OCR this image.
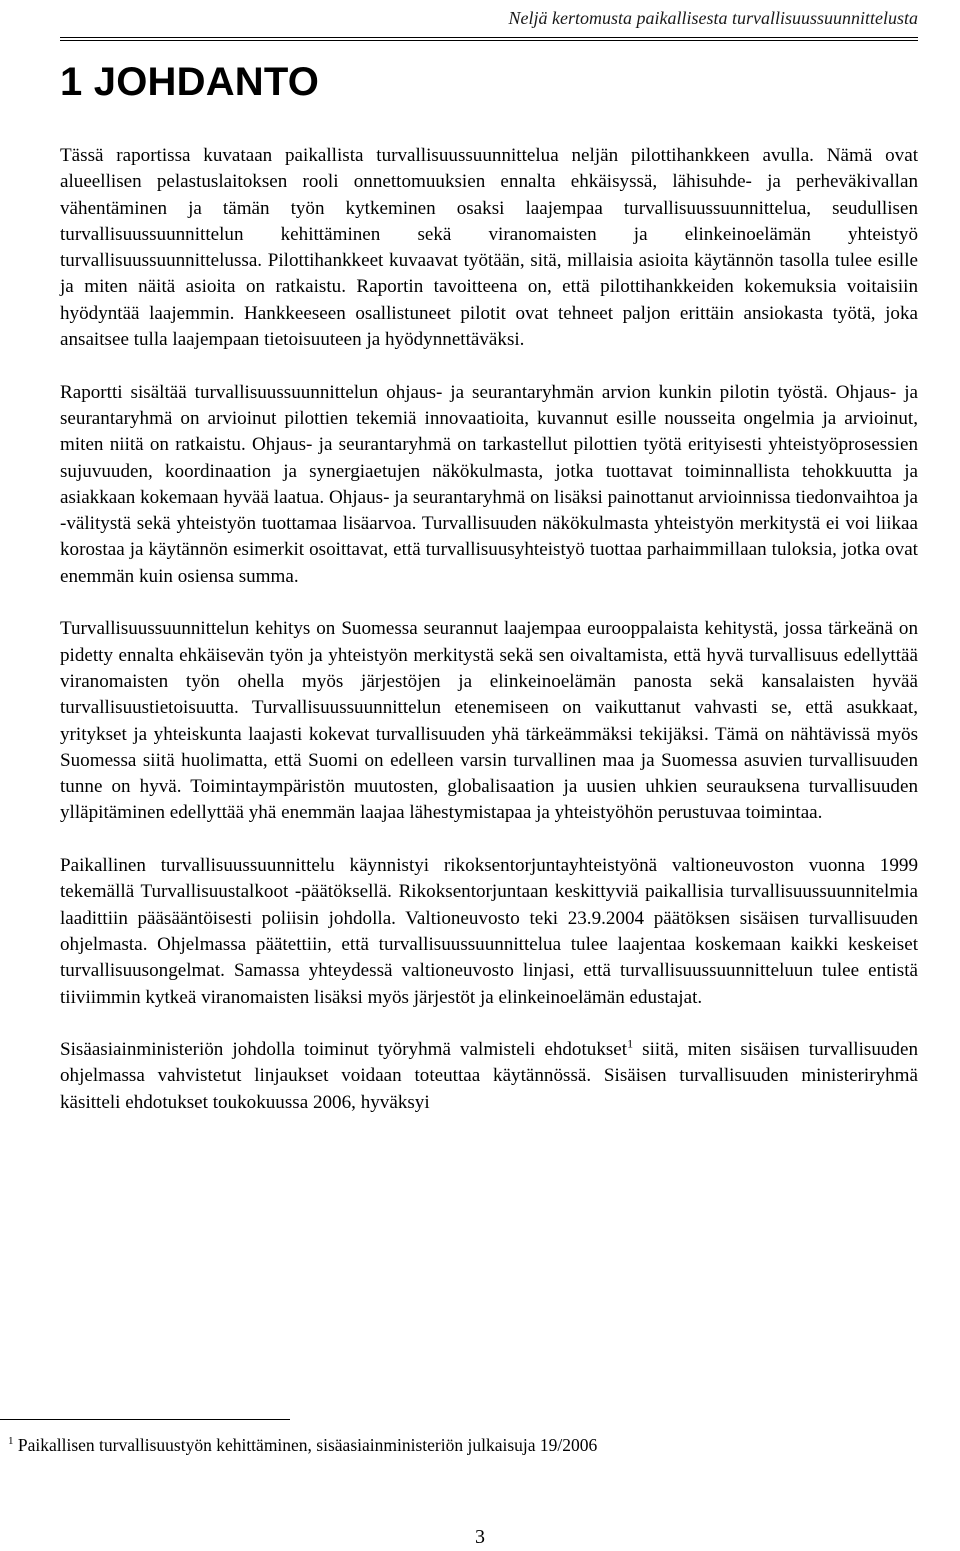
Neljä kertomusta paikallisesta turvallisuussuunnittelusta
1 JOHDANTO

Tässä raportissa kuvataan paikallista turvallisuussuunnittelua neljän pilottihankkeen avulla. Nämä ovat alueellisen pelastuslaitoksen rooli onnettomuuksien ennalta ehkäisyssä, lähisuhde- ja perheväkivallan vähentäminen ja tämän työn kytkeminen osaksi laajempaa turvallisuussuunnittelua, seudullisen turvallisuussuunnittelun kehittäminen sekä viranomaisten ja elinkeinoelämän yhteistyö turvallisuussuunnittelussa. Pilottihankkeet kuvaavat työtään, sitä, millaisia asioita käytännön tasolla tulee esille ja miten näitä asioita on ratkaistu. Raportin tavoitteena on, että pilottihankkeiden kokemuksia voitaisiin hyödyntää laajemmin. Hankkeeseen osallistuneet pilotit ovat tehneet paljon erittäin ansiokasta työtä, joka ansaitsee tulla laajempaan tietoisuuteen ja hyödynnettäväksi.

Raportti sisältää turvallisuussuunnittelun ohjaus- ja seurantaryhmän arvion kunkin pilotin työstä. Ohjaus- ja seurantaryhmä on arvioinut pilottien tekemiä innovaatioita, kuvannut esille nousseita ongelmia ja arvioinut, miten niitä on ratkaistu. Ohjaus- ja seurantaryhmä on tarkastellut pilottien työtä erityisesti yhteistyöprosessien sujuvuuden, koordinaation ja synergiaetujen näkökulmasta, jotka tuottavat toiminnallista tehokkuutta ja asiakkaan kokemaan hyvää laatua. Ohjaus- ja seurantaryhmä on lisäksi painottanut arvioinnissa tiedonvaihtoa ja -välitystä sekä yhteistyön tuottamaa lisäarvoa. Turvallisuuden näkökulmasta yhteistyön merkitystä ei voi liikaa korostaa ja käytännön esimerkit osoittavat, että turvallisuusyhteistyö tuottaa parhaimmillaan tuloksia, jotka ovat enemmän kuin osiensa summa.

Turvallisuussuunnittelun kehitys on Suomessa seurannut laajempaa eurooppalaista kehitystä, jossa tärkeänä on pidetty ennalta ehkäisevän työn ja yhteistyön merkitystä sekä sen oivaltamista, että hyvä turvallisuus edellyttää viranomaisten työn ohella myös järjestöjen ja elinkeinoelämän panosta sekä kansalaisten hyvää turvallisuustietoisuutta. Turvallisuussuunnittelun etenemiseen on vaikuttanut vahvasti se, että asukkaat, yritykset ja yhteiskunta laajasti kokevat turvallisuuden yhä tärkeämmäksi tekijäksi. Tämä on nähtävissä myös Suomessa siitä huolimatta, että Suomi on edelleen varsin turvallinen maa ja Suomessa asuvien turvallisuuden tunne on hyvä. Toimintaympäristön muutosten, globalisaation ja uusien uhkien seurauksena turvallisuuden ylläpitäminen edellyttää yhä enemmän laajaa lähestymistapaa ja yhteistyöhön perustuvaa toimintaa.

Paikallinen turvallisuussuunnittelu käynnistyi rikoksentorjuntayhteistyönä valtioneuvoston vuonna 1999 tekemällä Turvallisuustalkoot -päätöksellä. Rikoksentorjuntaan keskittyviä paikallisia turvallisuussuunnitelmia laadittiin pääsääntöisesti poliisin johdolla. Valtioneuvosto teki 23.9.2004 päätöksen sisäisen turvallisuuden ohjelmasta. Ohjelmassa päätettiin, että turvallisuussuunnittelua tulee laajentaa koskemaan kaikki keskeiset turvallisuusongelmat. Samassa yhteydessä valtioneuvosto linjasi, että turvallisuussuunnitteluun tulee entistä tiiviimmin kytkeä viranomaisten lisäksi myös järjestöt ja elinkeinoelämän edustajat.

Sisäasiainministeriön johdolla toiminut työryhmä valmisteli ehdotukset$^1$ siitä, miten sisäisen turvallisuuden ohjelmassa vahvistetut linjaukset voidaan toteuttaa käytännössä. Sisäisen turvallisuuden ministeriryhmä käsitteli ehdotukset toukokuussa 2006, hyväksyi

$^1$ Paikallisen turvallisuustyön kehittäminen, sisäasiainministeriön julkaisuja 19/2006
3
